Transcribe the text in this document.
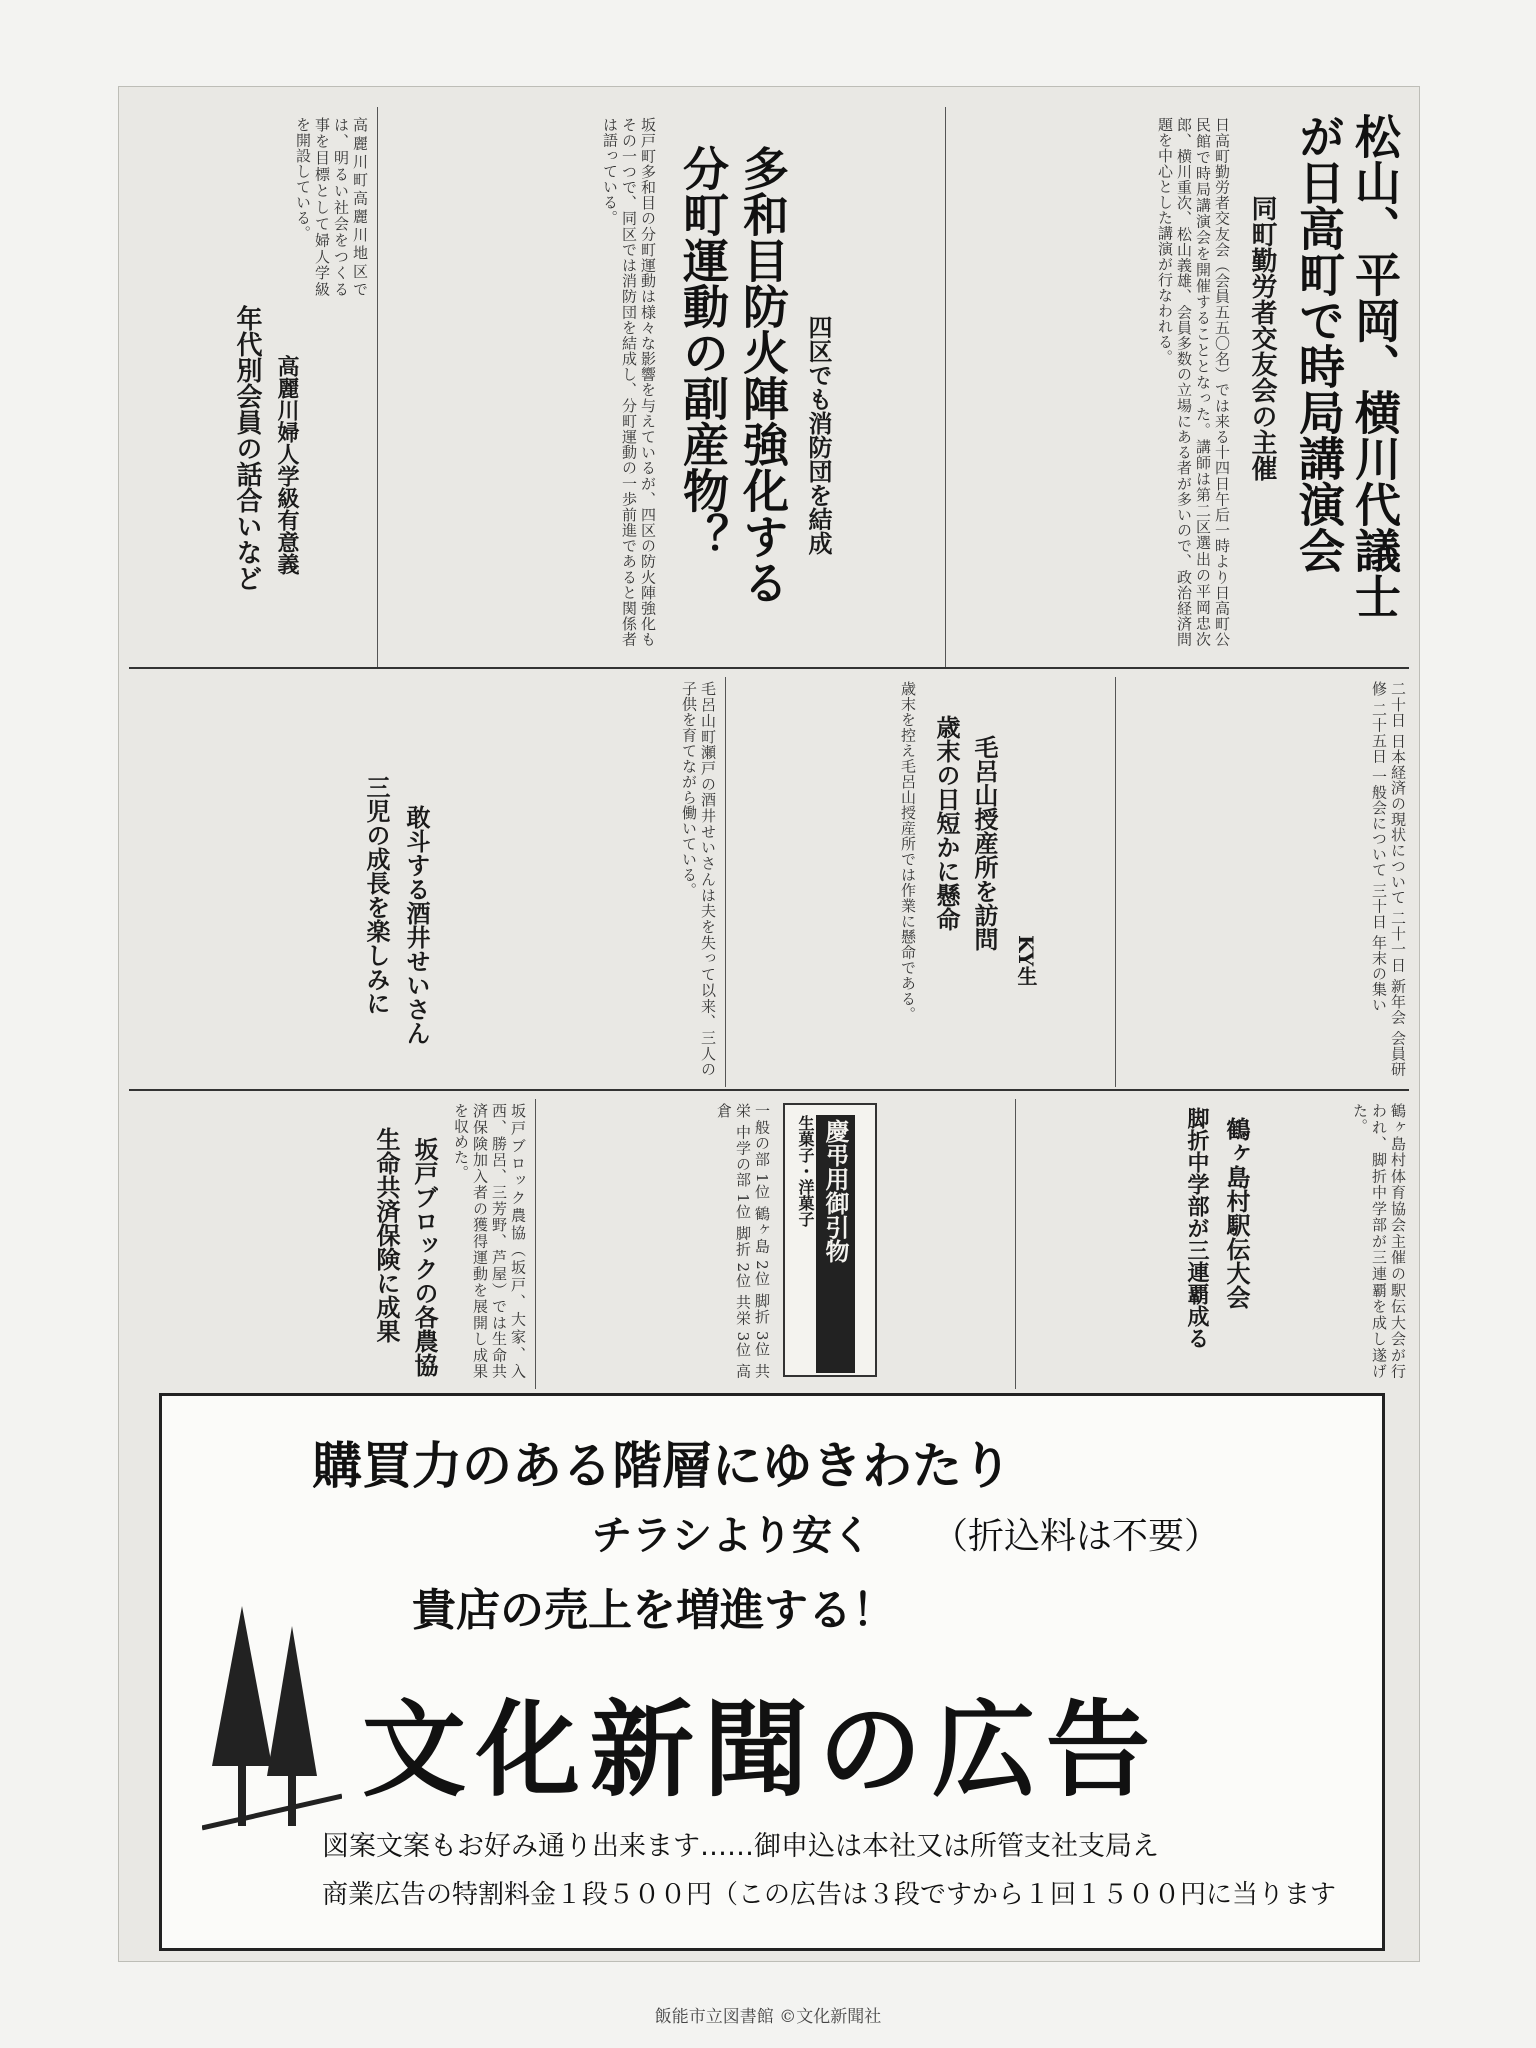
松山、平岡、横川代議士が日高町で時局講演会
同町勤労者交友会の主催
日高町勤労者交友会（会員五五〇名）では来る十四日午后一時より日高町公民館で時局講演会を開催することとなった。講師は第二区選出の平岡忠次郎、横川重次、松山義雄、会員多数の立場にある者が多いので、政治経済問題を中心とした講演が行なわれる。
分町運動の副産物？ 多和目防火陣強化する 四区でも消防団を結成
坂戸町多和目の分町運動は様々な影響を与えているが、四区の防火陣強化もその一つで、同区では消防団を結成し、分町運動の一歩前進であると関係者は語っている。
年代別会員の話合いなど 高麗川婦人学級有意義
高麗川町高麗川地区では、明るい社会をつくる事を目標として婦人学級を開設している。
二十日 日本経済の現状について 二十一日 新年会 会員研修 二十五日 一般会について 三十日 年末の集い
歳末の日短かに懸命 毛呂山授産所を訪問
KY生
歳末を控え毛呂山授産所では作業に懸命である。
三児の成長を楽しみに 敢斗する酒井せいさん	毛呂山町瀬戸の酒井せいさんは夫を失って以来、三人の子供を育てながら働いている。
脚折中学部が三連覇成る 鶴ヶ島村駅伝大会	鶴ヶ島村体育協会主催の駅伝大会が行われ、脚折中学部が三連覇を成し遂げた。
生菓子・洋菓子 慶弔用御引物
一般の部 1位 鶴ヶ島 2位 脚折 3位 共栄 中学の部 1位 脚折 2位 共栄 3位 高倉
生命共済保険に成果 坂戸ブロックの各農協	坂戸ブロック農協（坂戸、大家、入西、勝呂、三芳野、芦屋）では生命共済保険加入者の獲得運動を展開し成果を収めた。
購買力のある階層にゆきわたり
チラシより安く （折込料は不要）
貴店の売上を増進する！
文化新聞の広告
図案文案もお好み通り出来ます……御申込は本社又は所管支社支局え
商業広告の特割料金１段５００円（この広告は３段ですから１回１５００円に当ります
飯能市立図書館 ©文化新聞社
